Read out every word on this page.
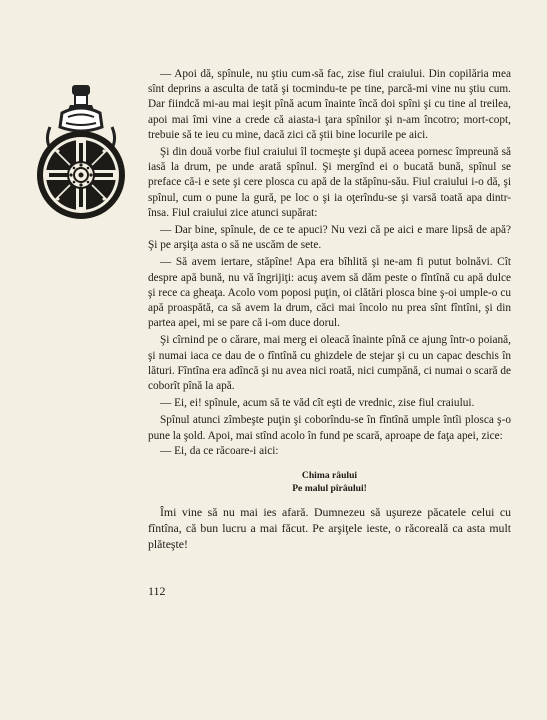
— Apoi dă, spînule, nu ştiu cum să fac, zise fiul craiului. Din copilăria mea sînt deprins a asculta de tată şi tocmindu-te pe tine, parcă-mi vine nu ştiu cum. Dar fiindcă mi-au mai ieşit pînă acum înainte încă doi spîni şi cu tine al treilea, apoi mai îmi vine a crede că aiasta-i ţara spînilor şi n-am încotro; mort-copt, trebuie să te ieu cu mine, dacă zici că ştii bine locurile pe aici.

Şi din două vorbe fiul craiului îl tocmeşte şi după aceea pornesc împreună să iasă la drum, pe unde arată spînul. Şi mergînd ei o bucată bună, spînul se preface că-i e sete şi cere plosca cu apă de la stăpînu-său. Fiul craiului i-o dă, şi spînul, cum o pune la gură, pe loc o şi ia oţerîndu-se şi varsă toată apa dintr-însa. Fiul craiului zice atunci supărat:

— Dar bine, spînule, de ce te apuci? Nu vezi că pe aici e mare lipsă de apă? Şi pe arşiţa asta o să ne uscăm de sete.

— Să avem iertare, stăpîne! Apa era bîhlită şi ne-am fi putut bolnăvi. Cît despre apă bună, nu vă îngrijiţi: acuş avem să dăm peste o fîntînă cu apă dulce şi rece ca gheaţa. Acolo vom poposi puţin, oi clătări plosca bine ş-oi umple-o cu apă proaspătă, ca să avem la drum, căci mai încolo nu prea sînt fîntîni, şi din partea apei, mi se pare că i-om duce dorul.

Şi cîrnind pe o cărare, mai merg ei oleacă înainte pînă ce ajung într-o poiană, şi numai iaca ce dau de o fîntînă cu ghizdele de stejar şi cu un capac deschis în lături. Fîntîna era adîncă şi nu avea nici roată, nici cumpănă, ci numai o scară de coborît pînă la apă.

— Ei, ei! spînule, acum să te văd cît eşti de vrednic, zise fiul craiului.

Spînul atunci zîmbeşte puţin şi coborîndu-se în fîntînă umple întîi plosca ş-o pune la şold. Apoi, mai stînd acolo în fund pe scară, aproape de faţa apei, zice:

— Ei, da ce răcoare-i aici:

Chima râului
Pe malul pîrâului!

Îmi vine să nu mai ies afară. Dumnezeu să uşureze păcatele celui cu fîntîna, că bun lucru a mai făcut. Pe arşiţele ieste, o răcoreală ca asta mult plăteşte!

112
